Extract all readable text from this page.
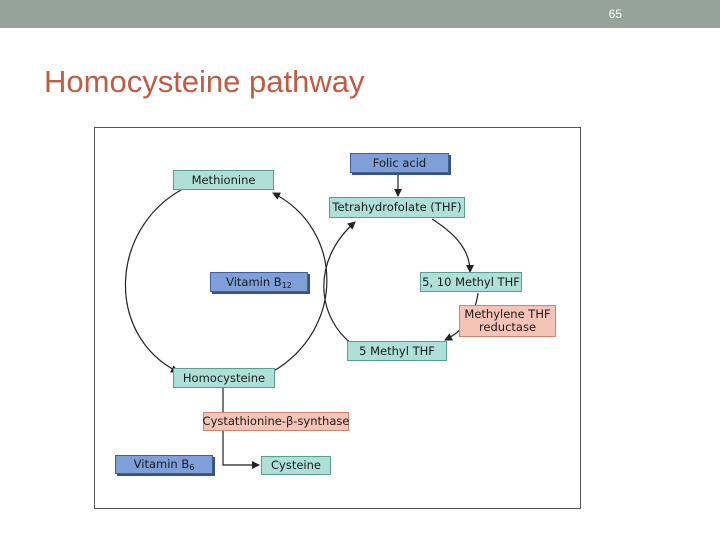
65
Homocysteine pathway
Methionine
Folic acid
Tetrahydrofolate (THF)
Vitamin $B_{12}$	5, 10 Methyl THF
Methylene THF
reductase
5 Methyl THF
Homocysteine
Cystathionine-β-synthase
Vitamin $B_6$	Cysteine
